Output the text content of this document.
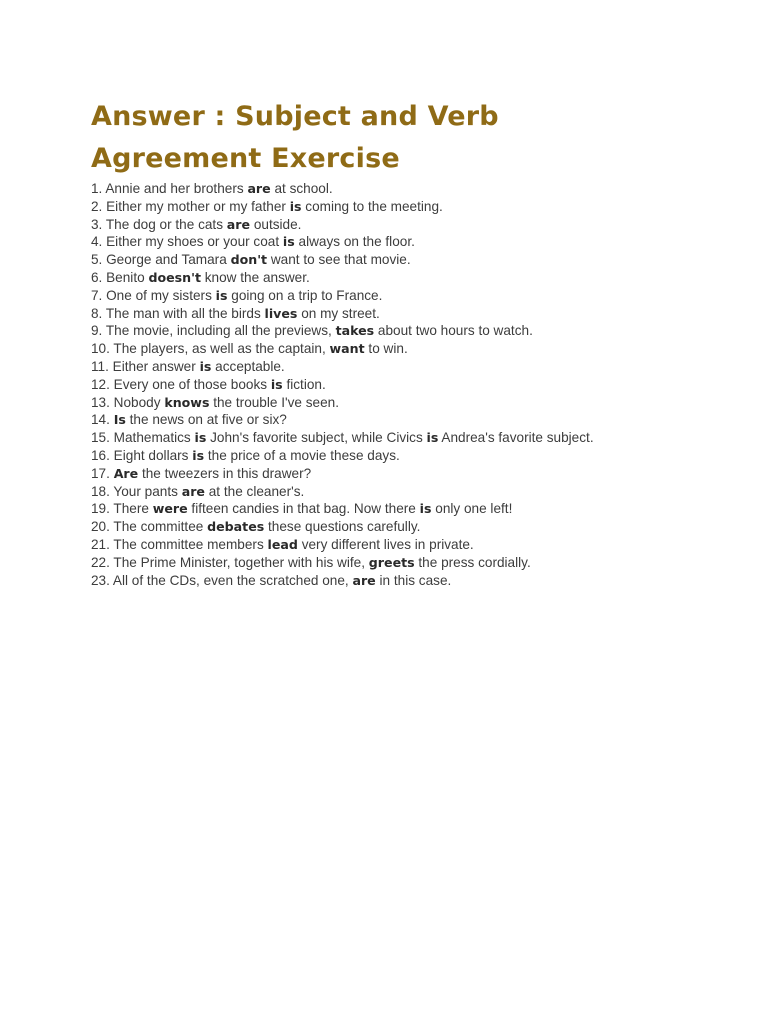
Answer : Subject and Verb
Agreement Exercise
1. Annie and her brothers are at school.
2. Either my mother or my father is coming to the meeting.
3. The dog or the cats are outside.
4. Either my shoes or your coat is always on the floor.
5. George and Tamara don't want to see that movie.
6. Benito doesn't know the answer.
7. One of my sisters is going on a trip to France.
8. The man with all the birds lives on my street.
9. The movie, including all the previews, takes about two hours to watch.
10. The players, as well as the captain, want to win.
11. Either answer is acceptable.
12. Every one of those books is fiction.
13. Nobody knows the trouble I've seen.
14. Is the news on at five or six?
15. Mathematics is John's favorite subject, while Civics is Andrea's favorite subject.
16. Eight dollars is the price of a movie these days.
17. Are the tweezers in this drawer?
18. Your pants are at the cleaner's.
19. There were fifteen candies in that bag. Now there is only one left!
20. The committee debates these questions carefully.
21. The committee members lead very different lives in private.
22. The Prime Minister, together with his wife, greets the press cordially.
23. All of the CDs, even the scratched one, are in this case.
